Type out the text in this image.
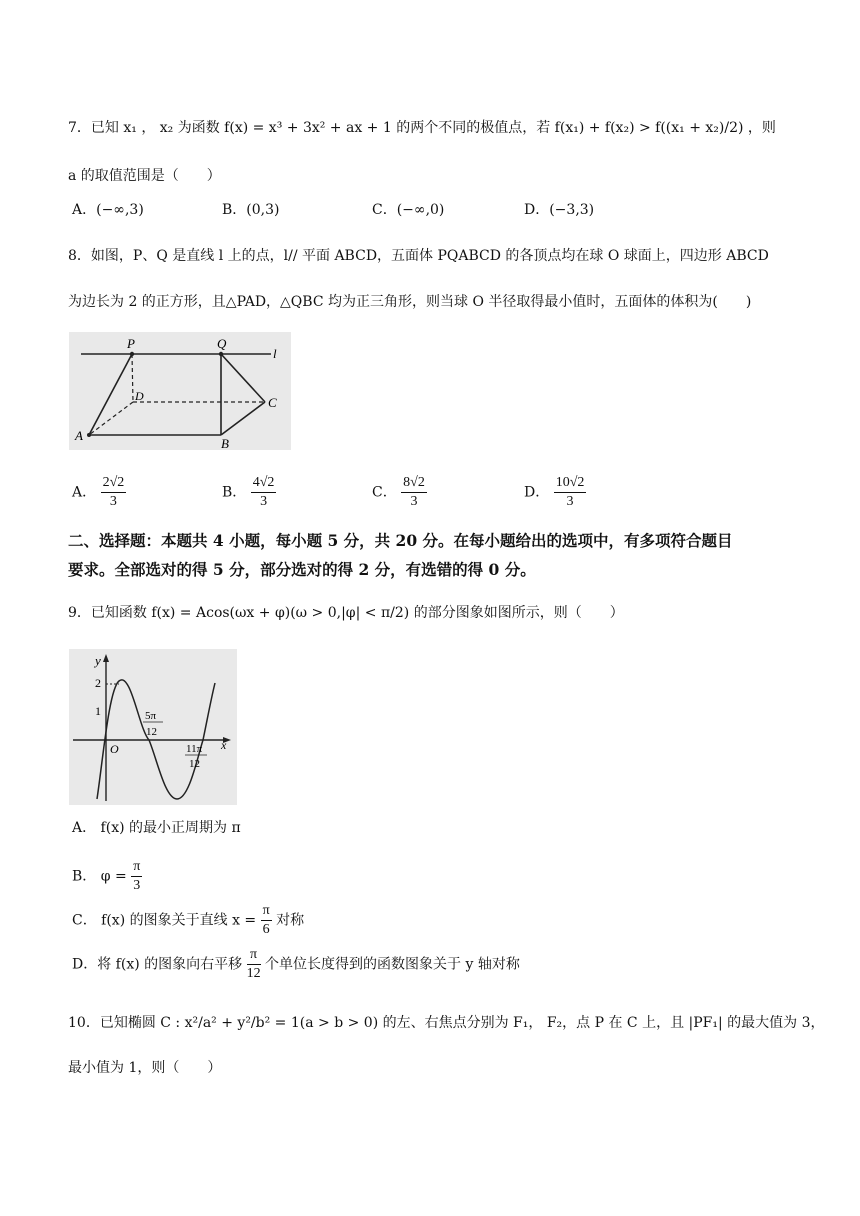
7．已知 x₁ ， x₂ 为函数 f(x) = x³ + 3x² + ax + 1 的两个不同的极值点，若 f(x₁) + f(x₂) > f((x₁ + x₂)/2) ，则
a 的取值范围是（　　）
A．(−∞,3)	B．(0,3)	C．(−∞,0)	D．(−3,3)
8．如图，P、Q 是直线 l 上的点，l// 平面 ABCD，五面体 PQABCD 的各顶点均在球 O 球面上，四边形 ABCD
为边长为 2 的正方形，且△PAD，△QBC 均为正三角形，则当球 O 半径取得最小值时，五面体的体积为(　　)
P	Q
l
D	C
A
B
A． $\frac{2√2}{3}$	B． $\frac{4√2}{3}$	C． $\frac{8√2}{3}$	D． $\frac{10√2}{3}$
二、选择题：本题共 4 小题，每小题 5 分，共 20 分。在每小题给出的选项中，有多项符合题目
要求。全部选对的得 5 分，部分选对的得 2 分，有选错的得 0 分。
9．已知函数 f(x) = Acos(ωx + φ)(ω > 0,|φ| < π/2) 的部分图象如图所示，则（　　）
y
2
1
O
5π
12
x
11π
12
A． f(x) 的最小正周期为 π
B． $\varphi = \frac{\pi}{3}$
C． f(x) 的图象关于直线 $x = \frac{\pi}{6}$ 对称
D．将 f(x) 的图象向右平移 $\frac{\pi}{12}$ 个单位长度得到的函数图象关于 y 轴对称
10．已知椭圆 C : x²/a² + y²/b² = 1(a > b > 0) 的左、右焦点分别为 F₁， F₂，点 P 在 C 上，且 |PF₁| 的最大值为 3，
最小值为 1，则（　　）
